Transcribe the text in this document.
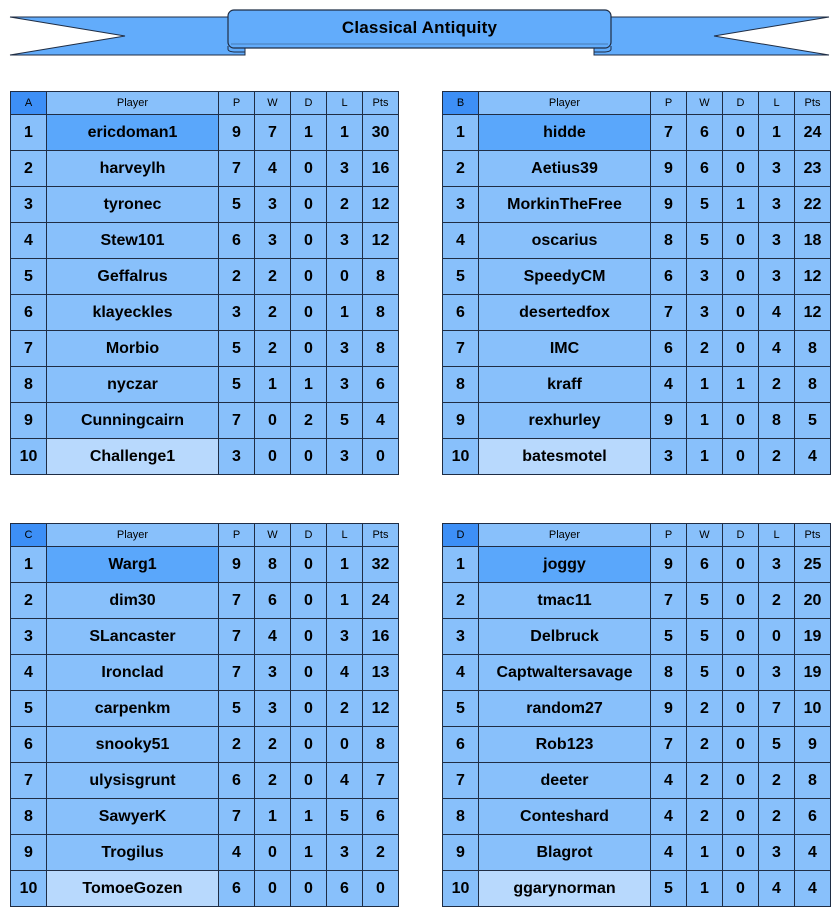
Classical Antiquity
A	Player	P	W	D	L	Pts
1	ericdoman1	9	7	1	1	30
2	harveylh	7	4	0	3	16
3	tyronec	5	3	0	2	12
4	Stew101	6	3	0	3	12
5	Geffalrus	2	2	0	0	8
6	klayeckles	3	2	0	1	8
7	Morbio	5	2	0	3	8
8	nyczar	5	1	1	3	6
9	Cunningcairn	7	0	2	5	4
10	Challenge1	3	0	0	3	0
B	Player	P	W	D	L	Pts
1	hidde	7	6	0	1	24
2	Aetius39	9	6	0	3	23
3	MorkinTheFree	9	5	1	3	22
4	oscarius	8	5	0	3	18
5	SpeedyCM	6	3	0	3	12
6	desertedfox	7	3	0	4	12
7	IMC	6	2	0	4	8
8	kraff	4	1	1	2	8
9	rexhurley	9	1	0	8	5
10	batesmotel	3	1	0	2	4
C	Player	P	W	D	L	Pts
1	Warg1	9	8	0	1	32
2	dim30	7	6	0	1	24
3	SLancaster	7	4	0	3	16
4	Ironclad	7	3	0	4	13
5	carpenkm	5	3	0	2	12
6	snooky51	2	2	0	0	8
7	ulysisgrunt	6	2	0	4	7
8	SawyerK	7	1	1	5	6
9	Trogilus	4	0	1	3	2
10	TomoeGozen	6	0	0	6	0
D	Player	P	W	D	L	Pts
1	joggy	9	6	0	3	25
2	tmac11	7	5	0	2	20
3	Delbruck	5	5	0	0	19
4	Captwaltersavage	8	5	0	3	19
5	random27	9	2	0	7	10
6	Rob123	7	2	0	5	9
7	deeter	4	2	0	2	8
8	Conteshard	4	2	0	2	6
9	Blagrot	4	1	0	3	4
10	ggarynorman	5	1	0	4	4
